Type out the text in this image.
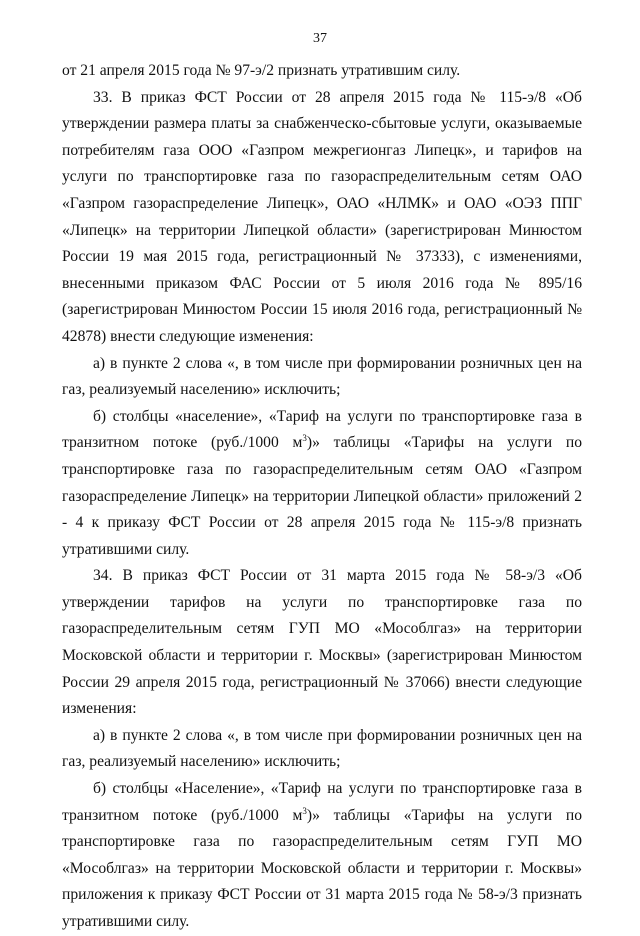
37

от 21 апреля 2015 года № 97-э/2 признать утратившим силу.

33. В приказ ФСТ России от 28 апреля 2015 года № 115-э/8 «Об утверждении размера платы за снабженческо-сбытовые услуги, оказываемые потребителям газа ООО «Газпром межрегионгаз Липецк», и тарифов на услуги по транспортировке газа по газораспределительным сетям ОАО «Газпром газораспределение Липецк», ОАО «НЛМК» и ОАО «ОЭЗ ППГ «Липецк» на территории Липецкой области» (зарегистрирован Минюстом России 19 мая 2015 года, регистрационный № 37333), с изменениями, внесенными приказом ФАС России от 5 июля 2016 года № 895/16 (зарегистрирован Минюстом России 15 июля 2016 года, регистрационный № 42878) внести следующие изменения:

а) в пункте 2 слова «, в том числе при формировании розничных цен на газ, реализуемый населению» исключить;

б) столбцы «население», «Тариф на услуги по транспортировке газа в транзитном потоке (руб./1000 $м^3$)» таблицы «Тарифы на услуги по транспортировке газа по газораспределительным сетям ОАО «Газпром газораспределение Липецк» на территории Липецкой области» приложений 2 - 4 к приказу ФСТ России от 28 апреля 2015 года № 115-э/8 признать утратившими силу.

34. В приказ ФСТ России от 31 марта 2015 года № 58-э/3 «Об утверждении тарифов на услуги по транспортировке газа по газораспределительным сетям ГУП МО «Мособлгаз» на территории Московской области и территории г. Москвы» (зарегистрирован Минюстом России 29 апреля 2015 года, регистрационный № 37066) внести следующие изменения:

а) в пункте 2 слова «, в том числе при формировании розничных цен на газ, реализуемый населению» исключить;

б) столбцы «Население», «Тариф на услуги по транспортировке газа в транзитном потоке (руб./1000 $м^3$)» таблицы «Тарифы на услуги по транспортировке газа по газораспределительным сетям ГУП МО «Мособлгаз» на территории Московской области и территории г. Москвы» приложения к приказу ФСТ России от 31 марта 2015 года № 58-э/3 признать утратившими силу.
